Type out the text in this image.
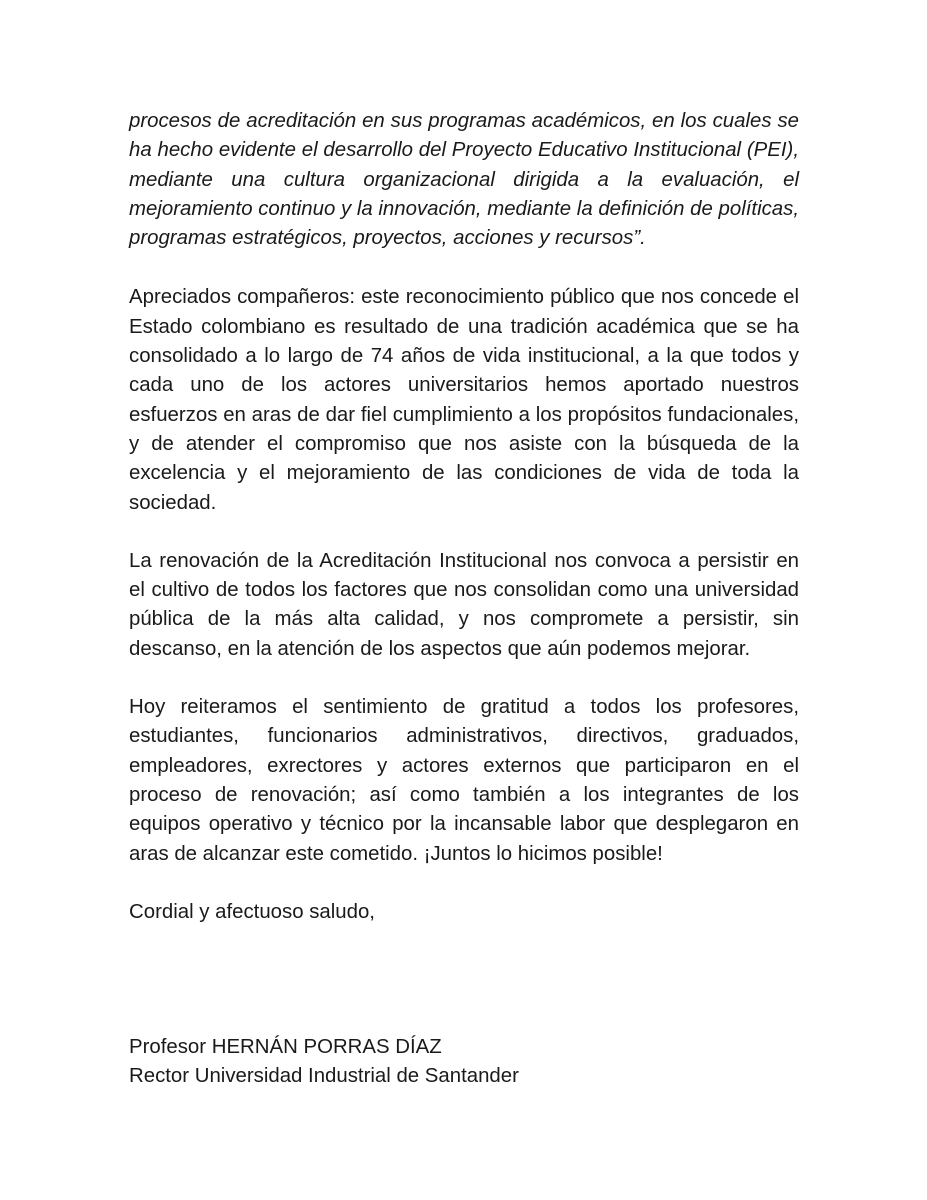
procesos de acreditación en sus programas académicos, en los cuales se ha hecho evidente el desarrollo del Proyecto Educativo Institucional (PEI), mediante una cultura organizacional dirigida a la evaluación, el mejoramiento continuo y la innovación, mediante la definición de políticas, programas estratégicos, proyectos, acciones y recursos”.

Apreciados compañeros: este reconocimiento público que nos concede el Estado colombiano es resultado de una tradición académica que se ha consolidado a lo largo de 74 años de vida institucional, a la que todos y cada uno de los actores universitarios hemos aportado nuestros esfuerzos en aras de dar fiel cumplimiento a los propósitos fundacionales, y de atender el compromiso que nos asiste con la búsqueda de la excelencia y el mejoramiento de las condiciones de vida de toda la sociedad.

La renovación de la Acreditación Institucional nos convoca a persistir en el cultivo de todos los factores que nos consolidan como una universidad pública de la más alta calidad, y nos compromete a persistir, sin descanso, en la atención de los aspectos que aún podemos mejorar.

Hoy reiteramos el sentimiento de gratitud a todos los profesores, estudiantes, funcionarios administrativos, directivos, graduados, empleadores, exrectores y actores externos que participaron en el proceso de renovación; así como también a los integrantes de los equipos operativo y técnico por la incansable labor que desplegaron en aras de alcanzar este cometido. ¡Juntos lo hicimos posible!

Cordial y afectuoso saludo,

Profesor HERNÁN PORRAS DÍAZ
Rector Universidad Industrial de Santander
